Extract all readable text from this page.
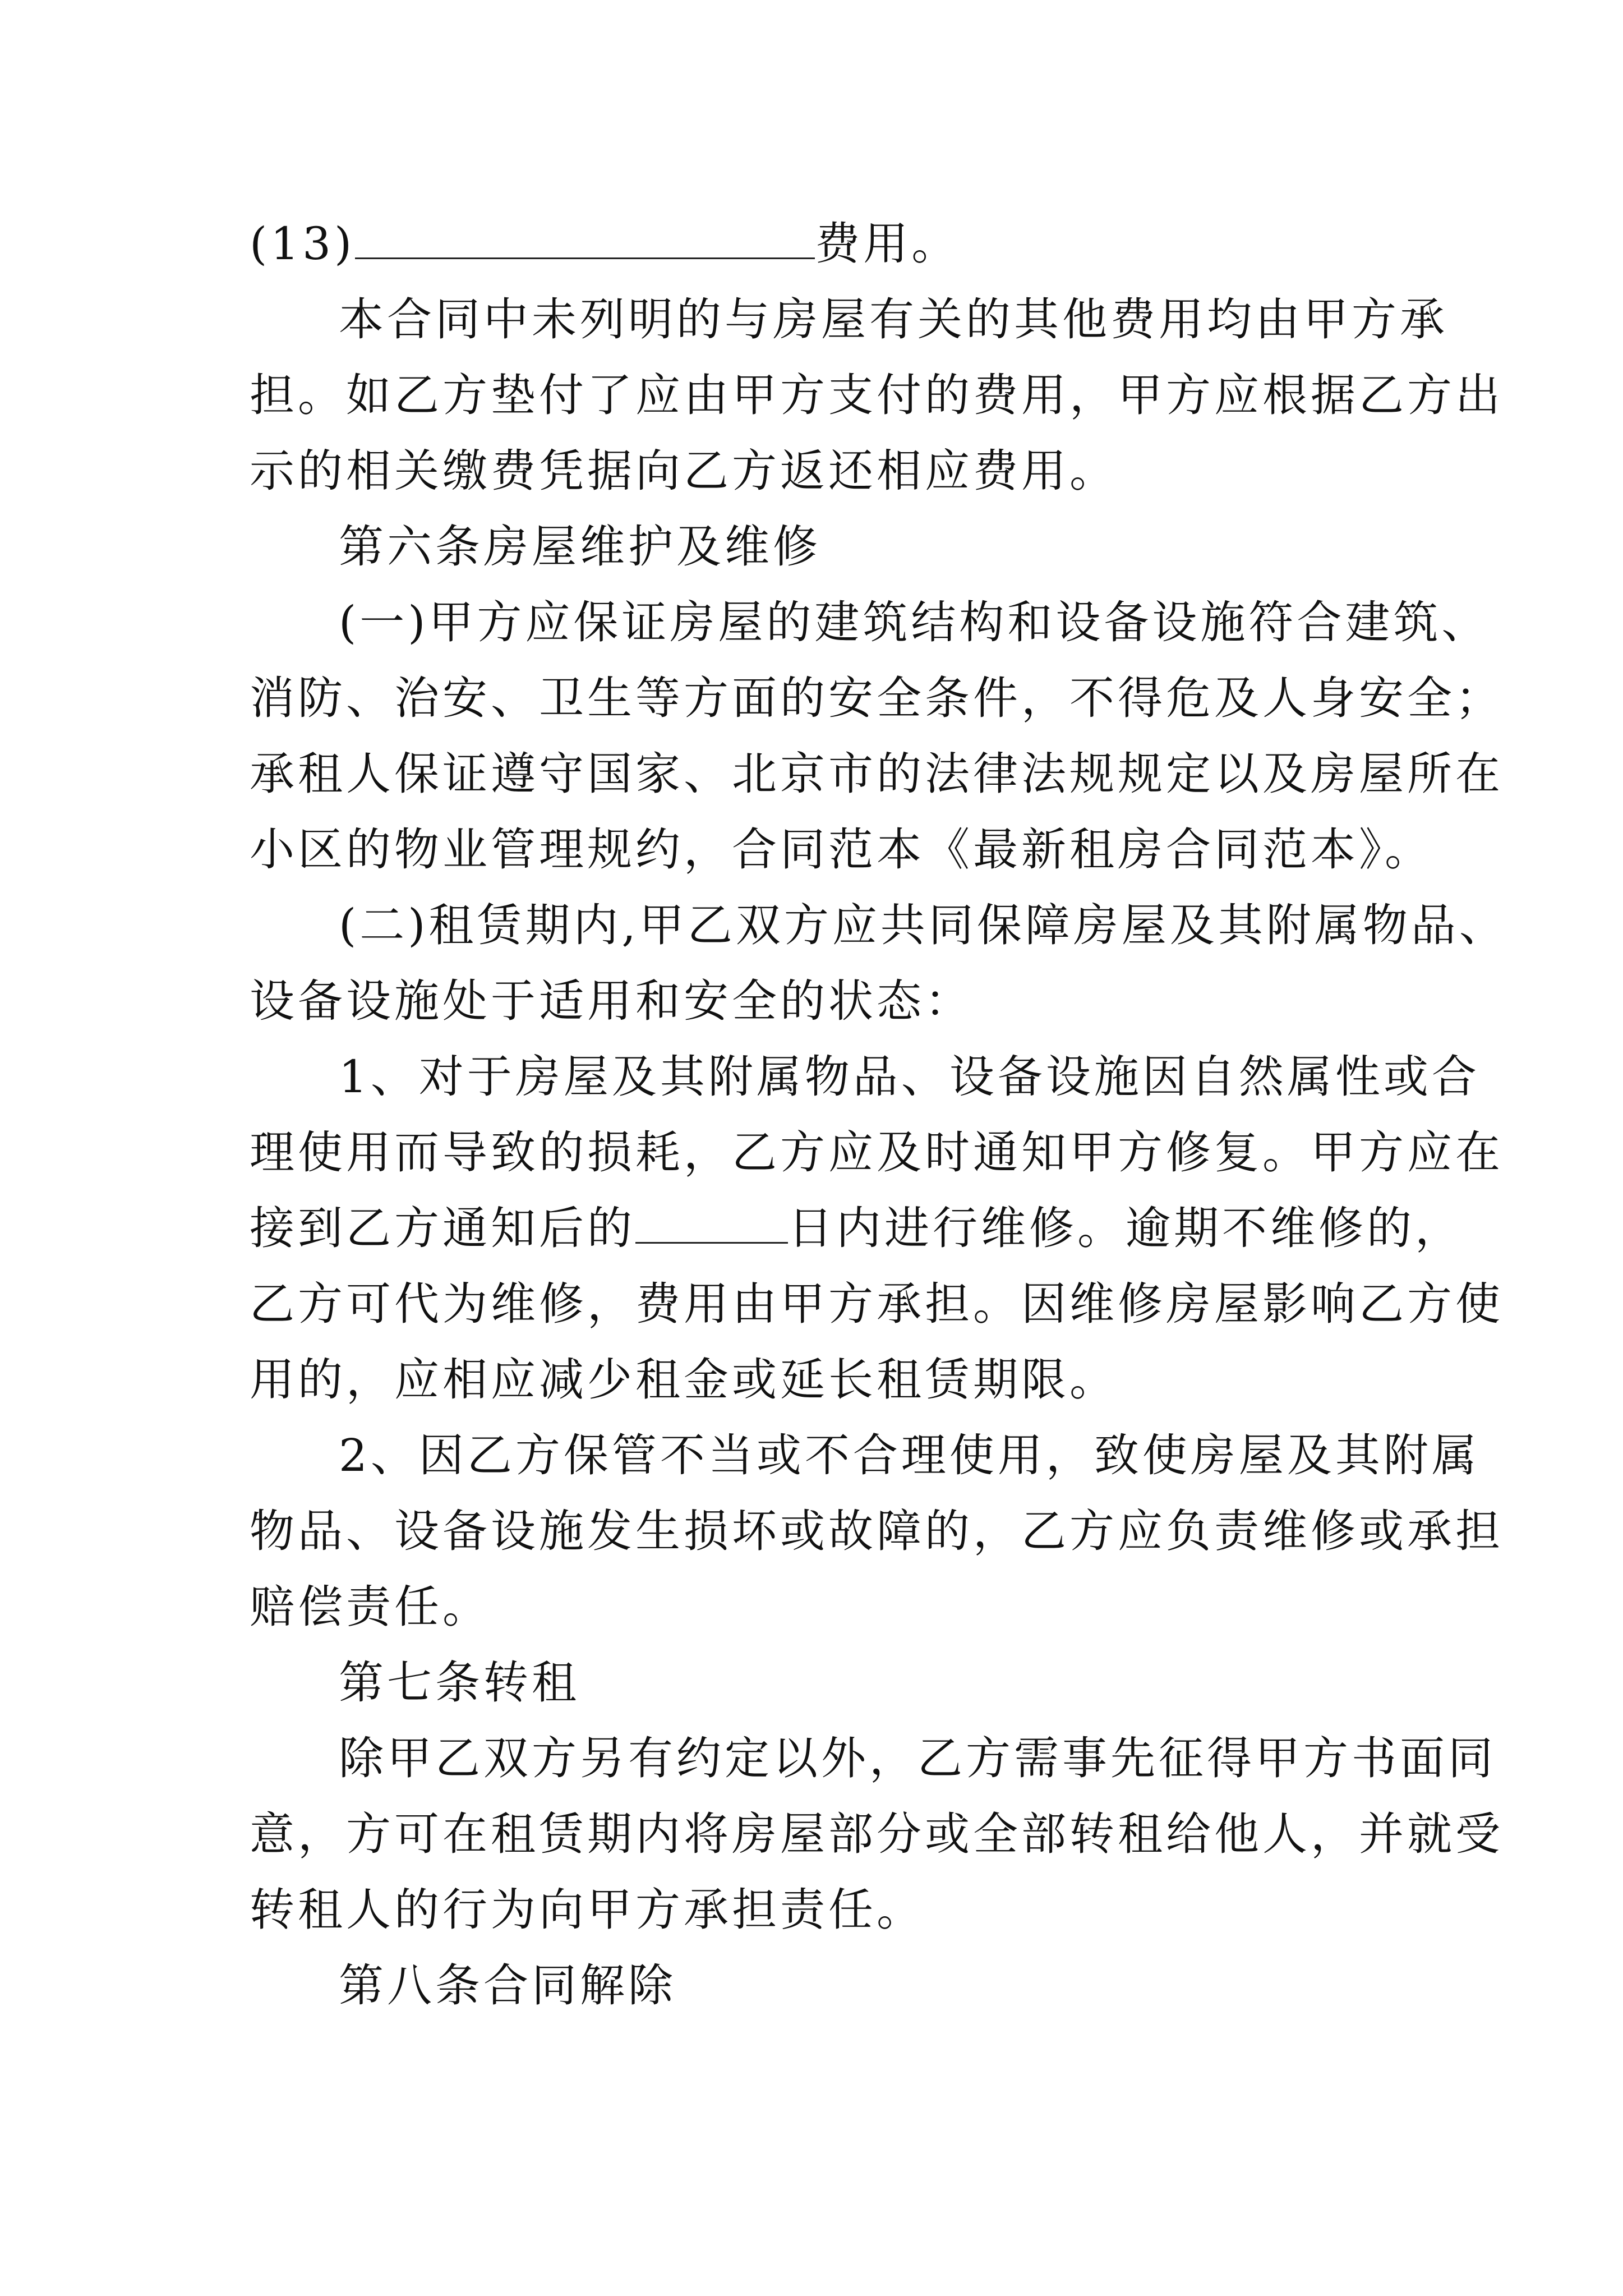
(13)	费用。
本合同中未列明的与房屋有关的其他费用均由甲方承
担。如乙方垫付了应由甲方支付的费用，甲方应根据乙方出
示的相关缴费凭据向乙方返还相应费用。
第六条房屋维护及维修
(一)甲方应保证房屋的建筑结构和设备设施符合建筑、
消防、治安、卫生等方面的安全条件，不得危及人身安全；
承租人保证遵守国家、北京市的法律法规规定以及房屋所在
小区的物业管理规约，合同范本《最新租房合同范本》。
(二)租赁期内,甲乙双方应共同保障房屋及其附属物品、
设备设施处于适用和安全的状态：
1、对于房屋及其附属物品、设备设施因自然属性或合
理使用而导致的损耗，乙方应及时通知甲方修复。甲方应在
接到乙方通知后的	日内进行维修。逾期不维修的，
乙方可代为维修，费用由甲方承担。因维修房屋影响乙方使
用的，应相应减少租金或延长租赁期限。
2、因乙方保管不当或不合理使用，致使房屋及其附属
物品、设备设施发生损坏或故障的，乙方应负责维修或承担
赔偿责任。
第七条转租
除甲乙双方另有约定以外，乙方需事先征得甲方书面同
意，方可在租赁期内将房屋部分或全部转租给他人，并就受
转租人的行为向甲方承担责任。
第八条合同解除
